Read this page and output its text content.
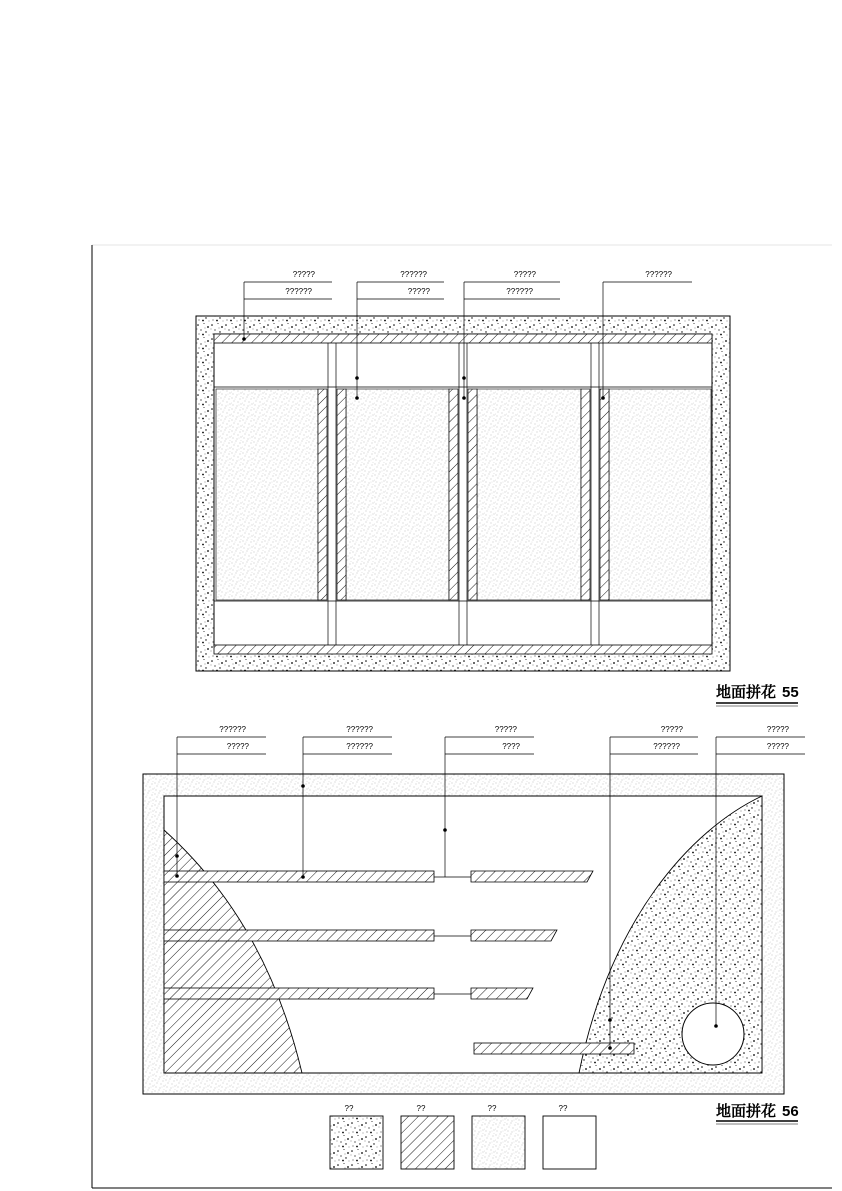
?????
??????
??????
?????
?????
??????
??????
地面拼花 55
??????
?????
??????
??????
?????
????
?????
??????
?????
?????
地面拼花 56
??	??	??	??
